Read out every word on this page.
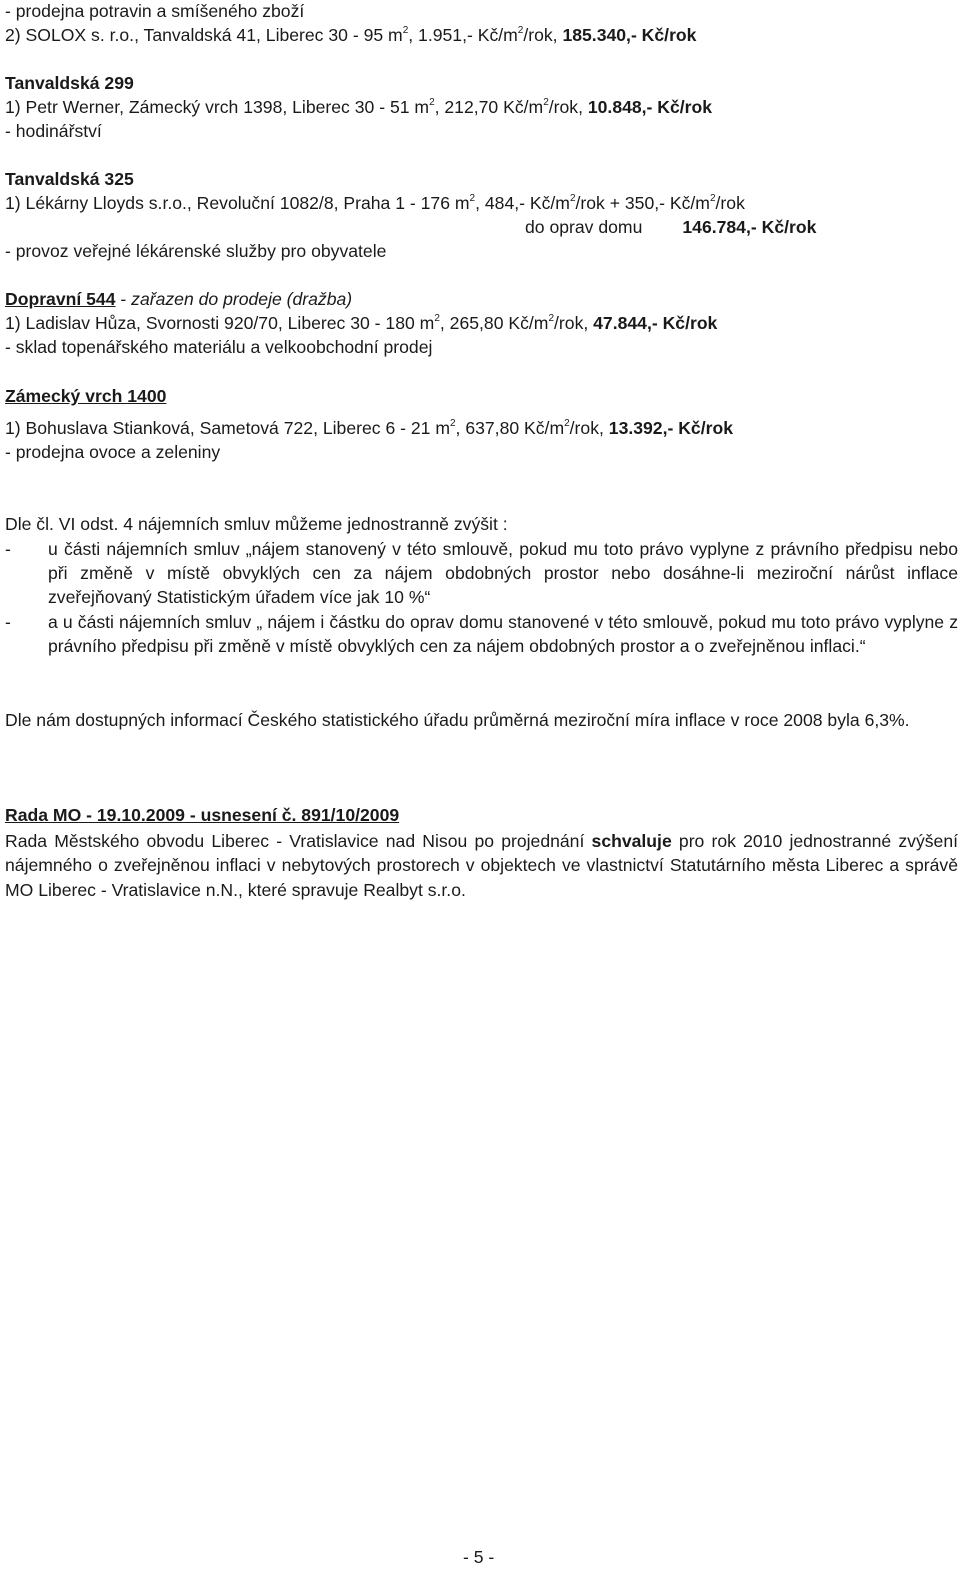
- prodejna potravin a smíšeného zboží
2) SOLOX s. r.o., Tanvaldská 41, Liberec 30 - 95 $m^2$, 1.951,- $Kč/m^2$/rok, 185.340,- Kč/rok
Tanvaldská 299
1) Petr Werner, Zámecký vrch 1398, Liberec 30 - 51 $m^2$, 212,70 $Kč/m^2$/rok, 10.848,- Kč/rok
- hodinářství
Tanvaldská 325
1) Lékárny Lloyds s.r.o., Revoluční 1082/8, Praha 1 - 176 $m^2$, 484,- $Kč/m^2$/rok + 350,- $Kč/m^2$/rok
do oprav domu 146.784,- Kč/rok
- provoz veřejné lékárenské služby pro obyvatele
Dopravní 544 - zařazen do prodeje (dražba)
1) Ladislav Hůza, Svornosti 920/70, Liberec 30 - 180 $m^2$, 265,80 $Kč/m^2$/rok, 47.844,- Kč/rok
- sklad topenářského materiálu a velkoobchodní prodej
Zámecký vrch 1400
1) Bohuslava Stianková, Sametová 722, Liberec 6 - 21 $m^2$, 637,80 $Kč/m^2$/rok, 13.392,- Kč/rok
- prodejna ovoce a zeleniny
Dle čl. VI odst. 4 nájemních smluv můžeme jednostranně zvýšit :
- u části nájemních smluv „nájem stanovený v této smlouvě, pokud mu toto právo vyplyne z právního předpisu nebo při změně v místě obvyklých cen za nájem obdobných prostor nebo dosáhne-li meziroční nárůst inflace zveřejňovaný Statistickým úřadem více jak 10 %“
- a u části nájemních smluv „ nájem i částku do oprav domu stanovené v této smlouvě, pokud mu toto právo vyplyne z právního předpisu při změně v místě obvyklých cen za nájem obdobných prostor a o zveřejněnou inflaci.“
Dle nám dostupných informací Českého statistického úřadu průměrná meziroční míra inflace v roce 2008 byla 6,3%.
Rada MO - 19.10.2009 - usnesení č. 891/10/2009
Rada Městského obvodu Liberec - Vratislavice nad Nisou po projednání schvaluje pro rok 2010 jednostranné zvýšení nájemného o zveřejněnou inflaci v nebytových prostorech v objektech ve vlastnictví Statutárního města Liberec a správě MO Liberec - Vratislavice n.N., které spravuje Realbyt s.r.o.
- 5 -
